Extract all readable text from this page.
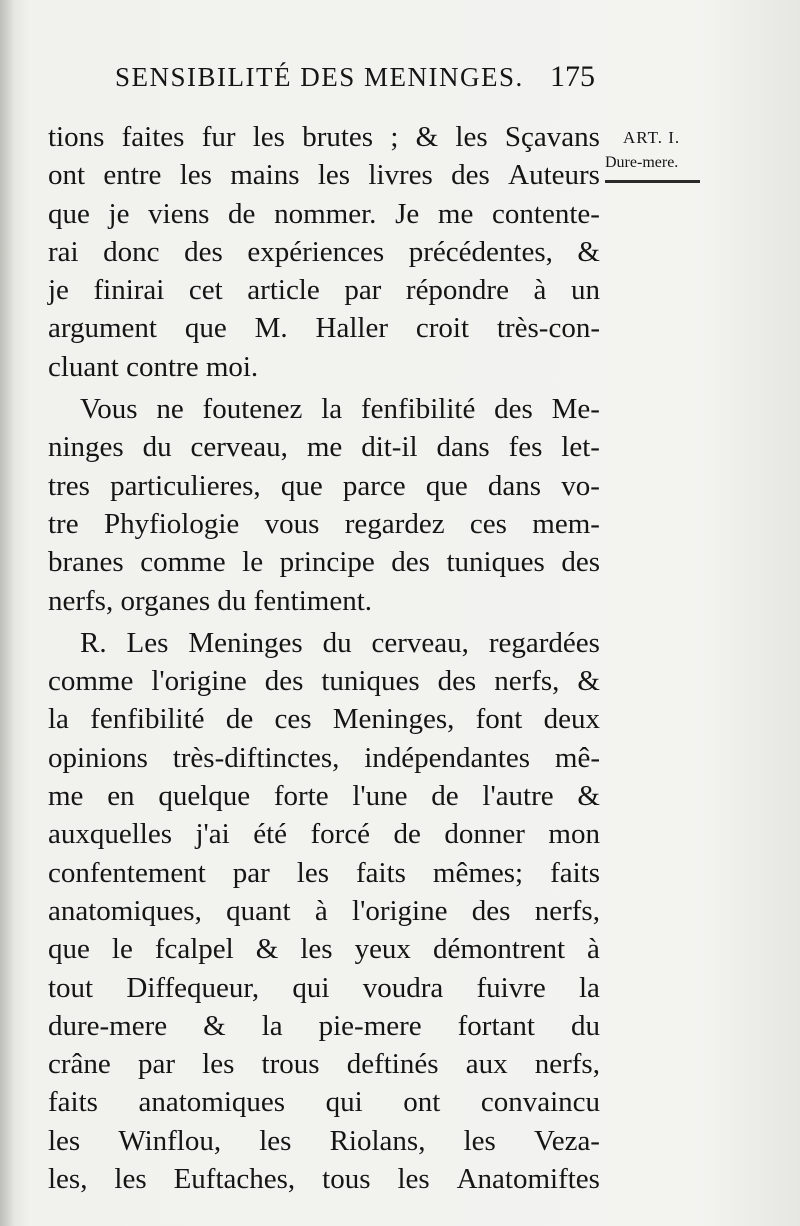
SENSIBILITÉ DES MENINGES. 175
ART. I.
Dure-mere.
tions faites fur les brutes ; & les Sçavans
ont entre les mains les livres des Auteurs
que je viens de nommer. Je me contente-
rai donc des expériences précédentes, &
je finirai cet article par répondre à un
argument que M. Haller croit très-con-
cluant contre moi.
Vous ne foutenez la fenfibilité des Me-
ninges du cerveau, me dit-il dans fes let-
tres particulieres, que parce que dans vo-
tre Phyfiologie vous regardez ces mem-
branes comme le principe des tuniques des
nerfs, organes du fentiment.
R. Les Meninges du cerveau, regardées
comme l'origine des tuniques des nerfs, &
la fenfibilité de ces Meninges, font deux
opinions très-diftinctes, indépendantes mê-
me en quelque forte l'une de l'autre &
auxquelles j'ai été forcé de donner mon
confentement par les faits mêmes; faits
anatomiques, quant à l'origine des nerfs,
que le fcalpel & les yeux démontrent à
tout Diffequeur, qui voudra fuivre la
dure-mere & la pie-mere fortant du
crâne par les trous deftinés aux nerfs,
faits anatomiques qui ont convaincu
les Winflou, les Riolans, les Veza-
les, les Euftaches, tous les Anatomiftes
